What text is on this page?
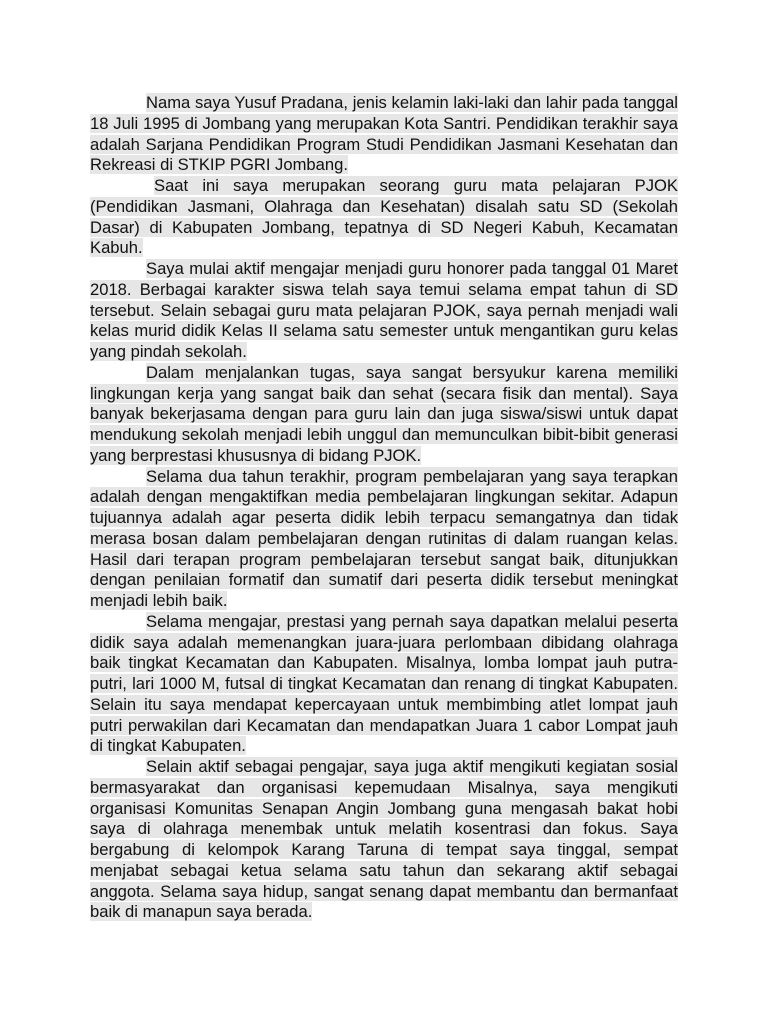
Nama saya Yusuf Pradana, jenis kelamin laki-laki dan lahir pada tanggal 18 Juli 1995 di Jombang yang merupakan Kota Santri. Pendidikan terakhir saya adalah Sarjana Pendidikan Program Studi Pendidikan Jasmani Kesehatan dan Rekreasi di STKIP PGRI Jombang.

Saat ini saya merupakan seorang guru mata pelajaran PJOK (Pendidikan Jasmani, Olahraga dan Kesehatan) disalah satu SD (Sekolah Dasar) di Kabupaten Jombang, tepatnya di SD Negeri Kabuh, Kecamatan Kabuh.

Saya mulai aktif mengajar menjadi guru honorer pada tanggal 01 Maret 2018. Berbagai karakter siswa telah saya temui selama empat tahun di SD tersebut. Selain sebagai guru mata pelajaran PJOK, saya pernah menjadi wali kelas murid didik Kelas II selama satu semester untuk mengantikan guru kelas yang pindah sekolah.

Dalam menjalankan tugas, saya sangat bersyukur karena memiliki lingkungan kerja yang sangat baik dan sehat (secara fisik dan mental). Saya banyak bekerjasama dengan para guru lain dan juga siswa/siswi untuk dapat mendukung sekolah menjadi lebih unggul dan memunculkan bibit-bibit generasi yang berprestasi khususnya di bidang PJOK.

Selama dua tahun terakhir, program pembelajaran yang saya terapkan adalah dengan mengaktifkan media pembelajaran lingkungan sekitar. Adapun tujuannya adalah agar peserta didik lebih terpacu semangatnya dan tidak merasa bosan dalam pembelajaran dengan rutinitas di dalam ruangan kelas. Hasil dari terapan program pembelajaran tersebut sangat baik, ditunjukkan dengan penilaian formatif dan sumatif dari peserta didik tersebut meningkat menjadi lebih baik.

Selama mengajar, prestasi yang pernah saya dapatkan melalui peserta didik saya adalah memenangkan juara-juara perlombaan dibidang olahraga baik tingkat Kecamatan dan Kabupaten. Misalnya, lomba lompat jauh putra-putri, lari 1000 M, futsal di tingkat Kecamatan dan renang di tingkat Kabupaten. Selain itu saya mendapat kepercayaan untuk membimbing atlet lompat jauh putri perwakilan dari Kecamatan dan mendapatkan Juara 1 cabor Lompat jauh di tingkat Kabupaten.

Selain aktif sebagai pengajar, saya juga aktif mengikuti kegiatan sosial bermasyarakat dan organisasi kepemudaan Misalnya, saya mengikuti organisasi Komunitas Senapan Angin Jombang guna mengasah bakat hobi saya di olahraga menembak untuk melatih kosentrasi dan fokus. Saya bergabung di kelompok Karang Taruna di tempat saya tinggal, sempat menjabat sebagai ketua selama satu tahun dan sekarang aktif sebagai anggota. Selama saya hidup, sangat senang dapat membantu dan bermanfaat baik di manapun saya berada.
